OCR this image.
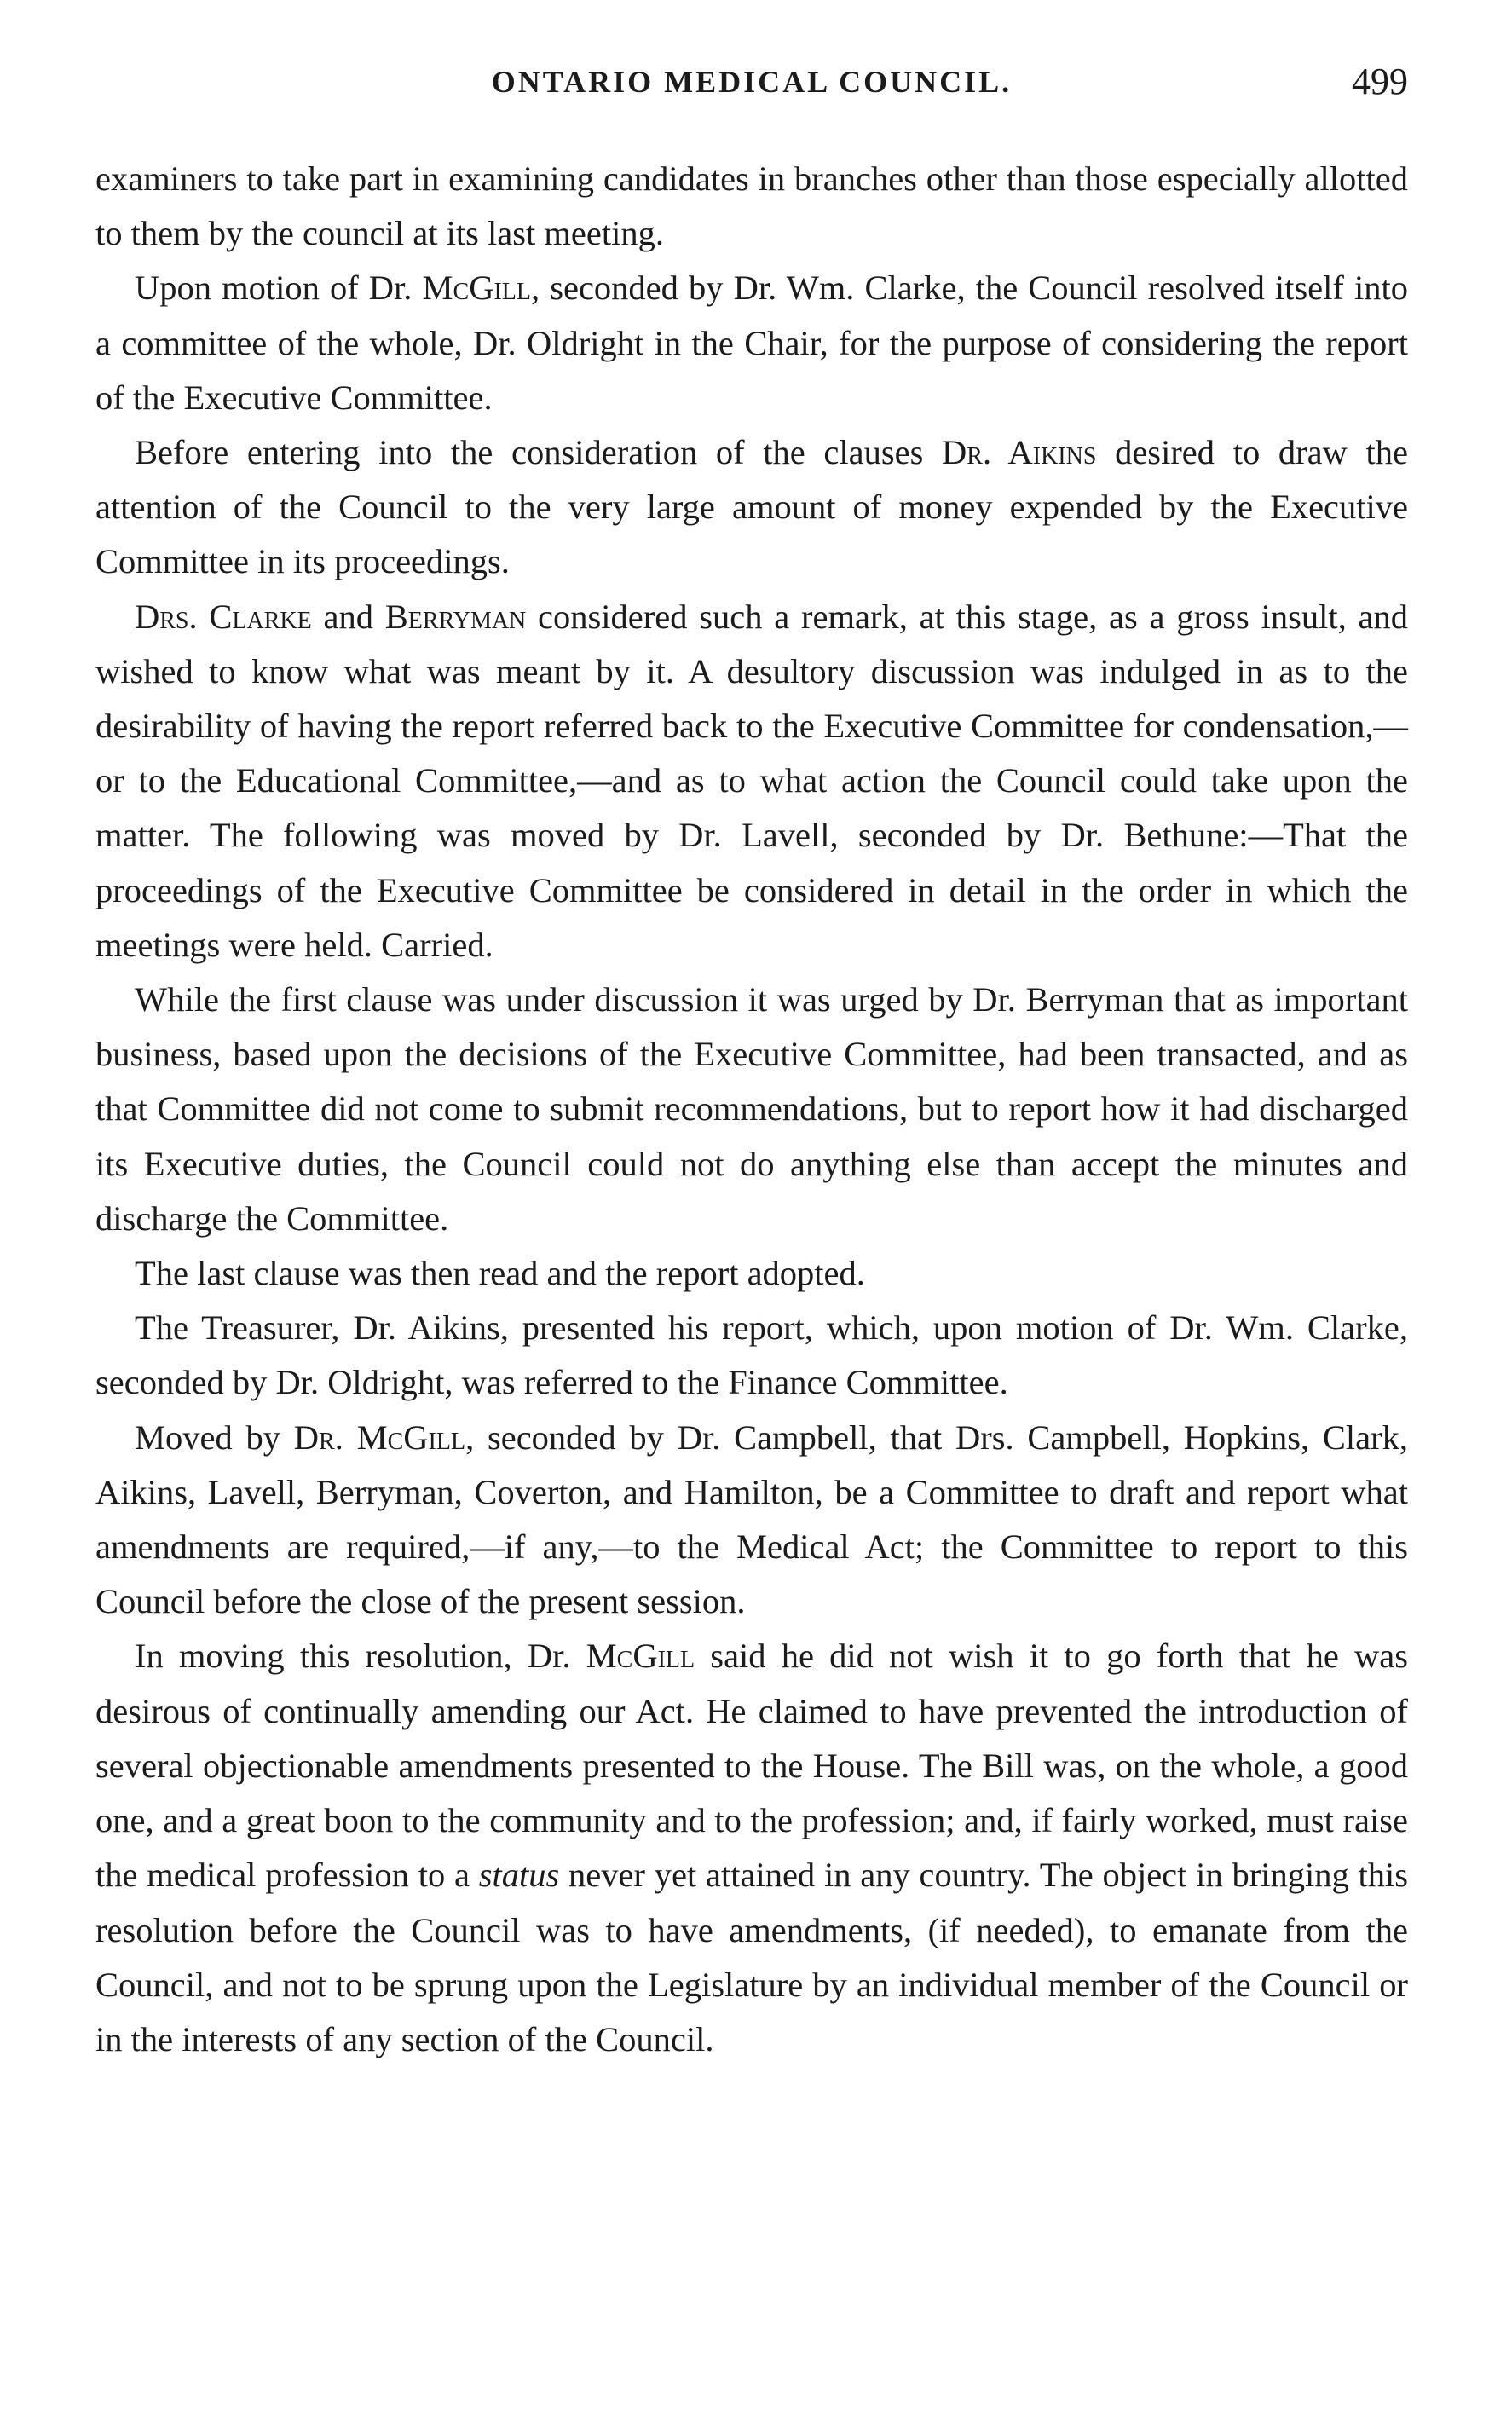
ONTARIO MEDICAL COUNCIL.	499

examiners to take part in examining candidates in branches other than those especially allotted to them by the council at its last meeting.

Upon motion of Dr. McGill, seconded by Dr. Wm. Clarke, the Council resolved itself into a committee of the whole, Dr. Oldright in the Chair, for the purpose of considering the report of the Executive Committee.

Before entering into the consideration of the clauses Dr. Aikins desired to draw the attention of the Council to the very large amount of money expended by the Executive Committee in its proceedings.

Drs. Clarke and Berryman considered such a remark, at this stage, as a gross insult, and wished to know what was meant by it. A desultory discussion was indulged in as to the desirability of having the report referred back to the Executive Committee for condensation,—or to the Educational Committee,—and as to what action the Council could take upon the matter. The following was moved by Dr. Lavell, seconded by Dr. Bethune:—That the proceedings of the Executive Committee be considered in detail in the order in which the meetings were held. Carried.

While the first clause was under discussion it was urged by Dr. Berryman that as important business, based upon the decisions of the Executive Committee, had been transacted, and as that Committee did not come to submit recommendations, but to report how it had discharged its Executive duties, the Council could not do anything else than accept the minutes and discharge the Committee.

The last clause was then read and the report adopted.

The Treasurer, Dr. Aikins, presented his report, which, upon motion of Dr. Wm. Clarke, seconded by Dr. Oldright, was referred to the Finance Committee.

Moved by Dr. McGill, seconded by Dr. Campbell, that Drs. Campbell, Hopkins, Clark, Aikins, Lavell, Berryman, Coverton, and Hamilton, be a Committee to draft and report what amendments are required,—if any,—to the Medical Act; the Committee to report to this Council before the close of the present session.

In moving this resolution, Dr. McGill said he did not wish it to go forth that he was desirous of continually amending our Act. He claimed to have prevented the introduction of several objectionable amendments presented to the House. The Bill was, on the whole, a good one, and a great boon to the community and to the profession; and, if fairly worked, must raise the medical profession to a status never yet attained in any country. The object in bringing this resolution before the Council was to have amendments, (if needed), to emanate from the Council, and not to be sprung upon the Legislature by an individual member of the Council or in the interests of any section of the Council.
